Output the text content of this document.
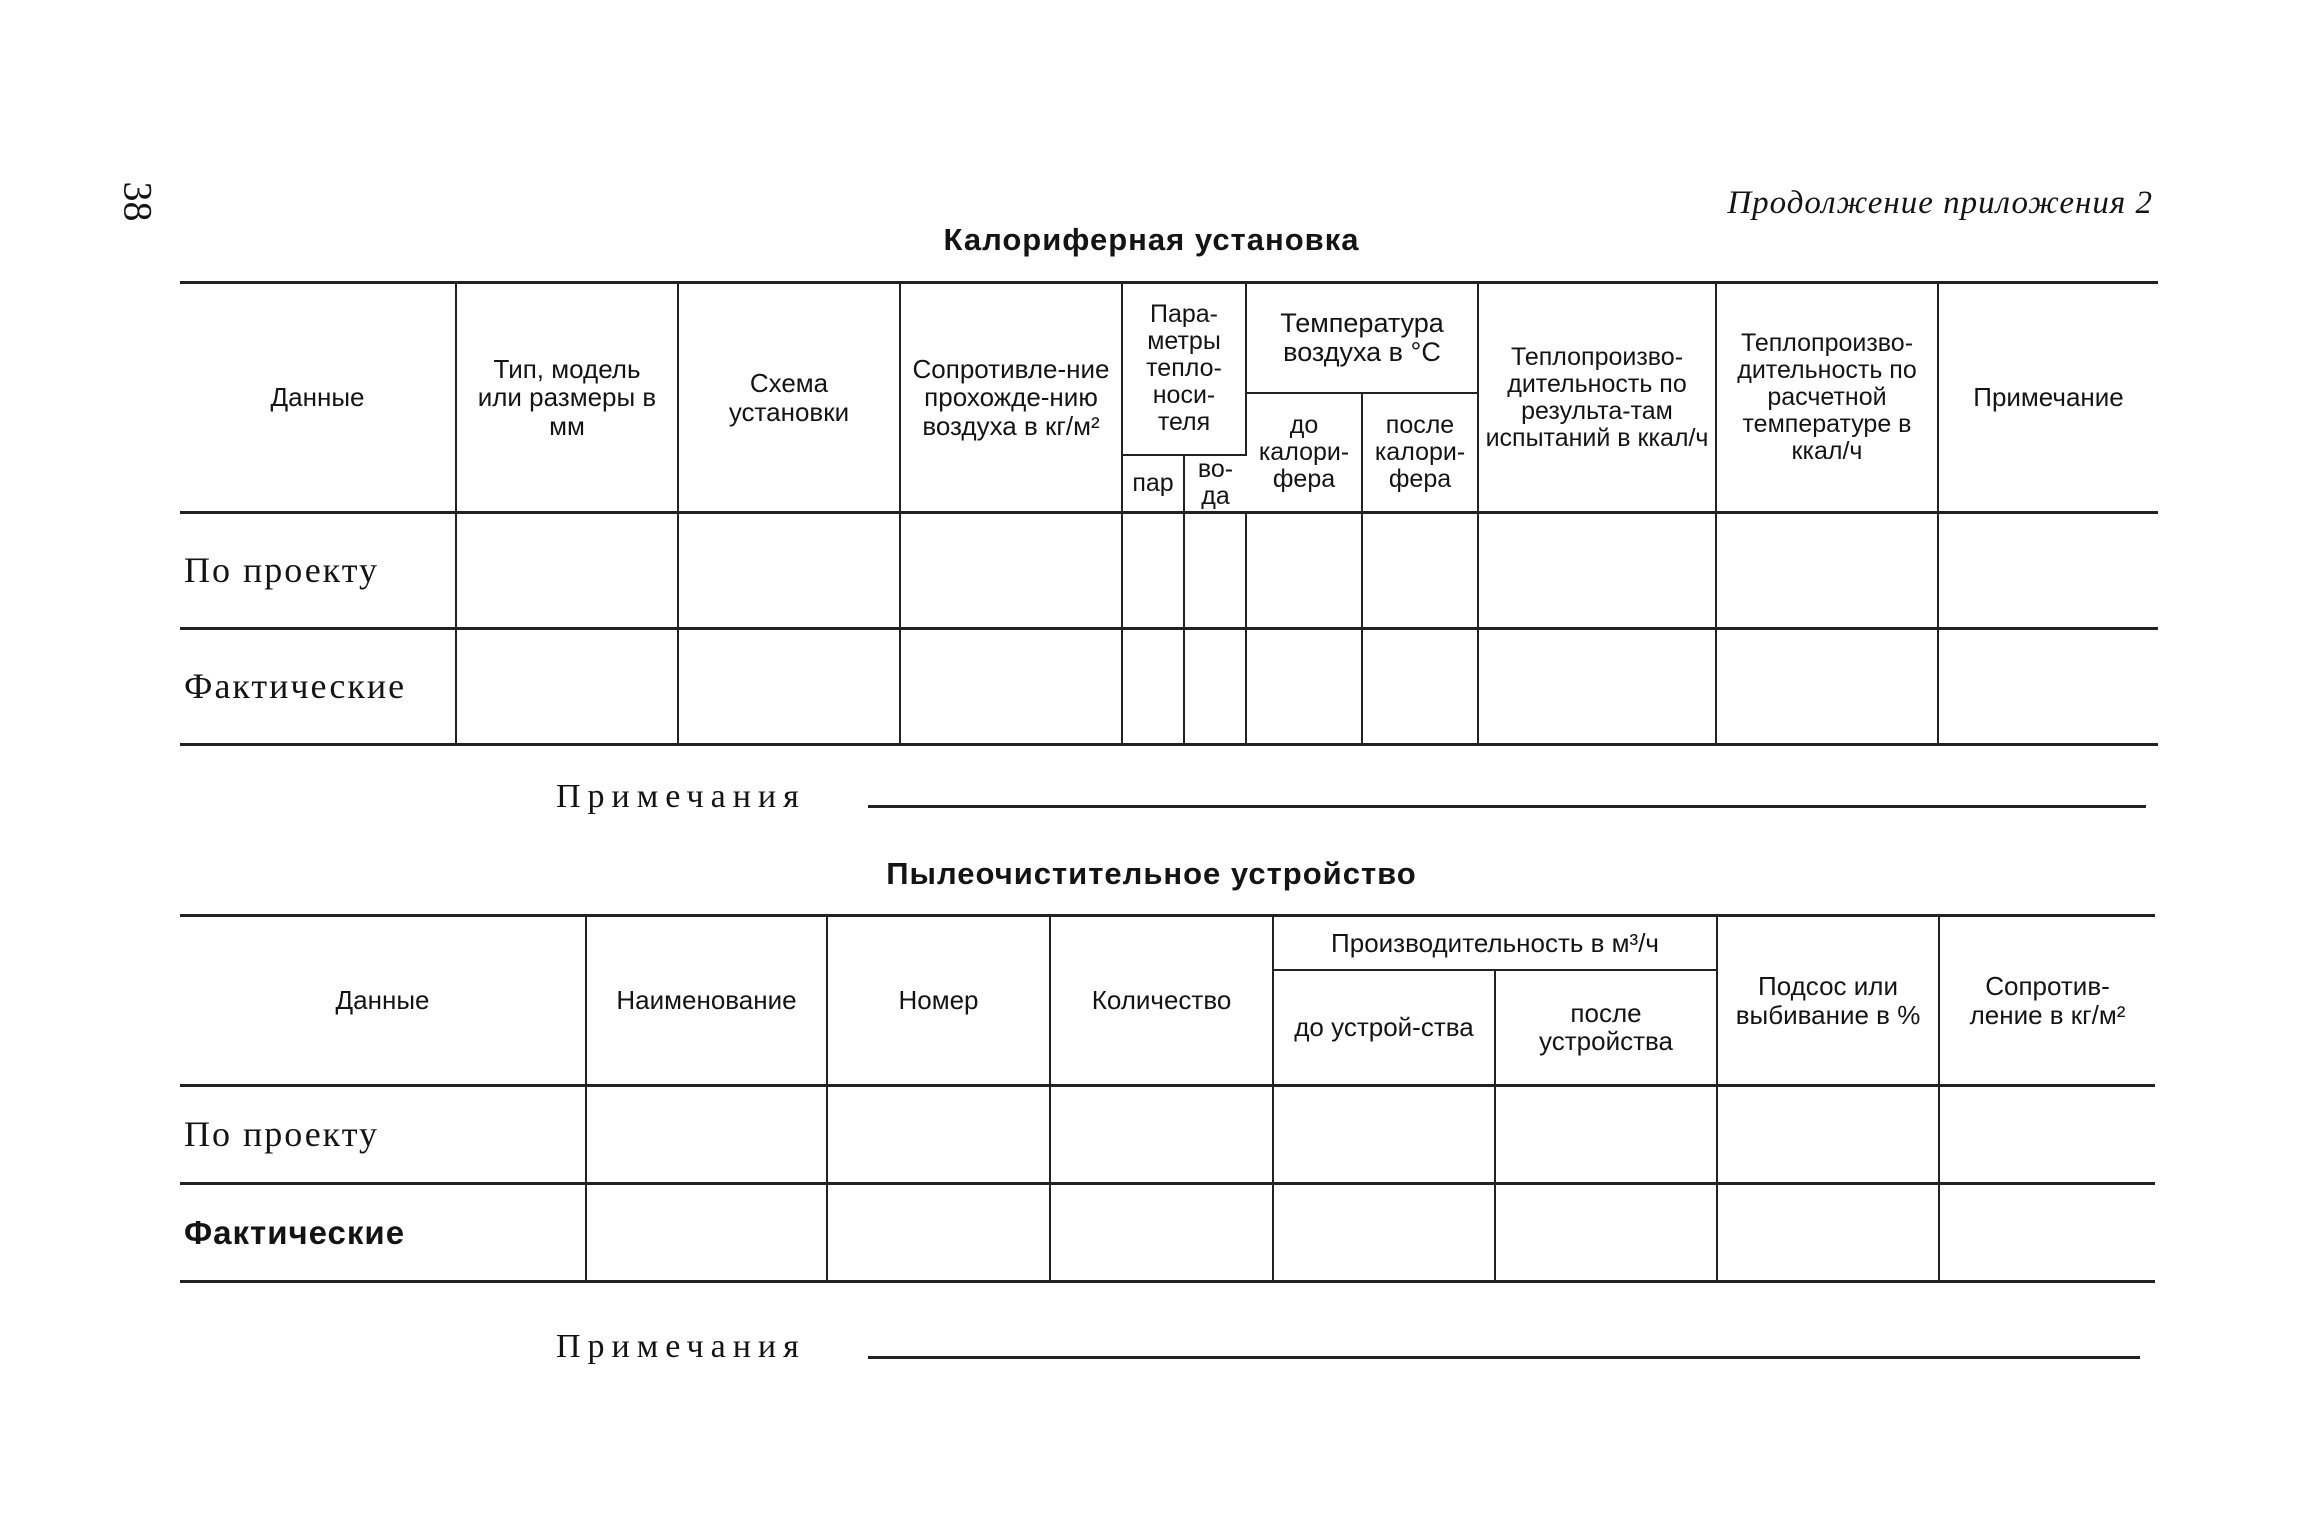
38	Продолжение приложения 2
Калориферная установка
Данные	Тип, модель или размеры в мм	Схема установки	Сопротивле-ние прохожде-нию воздуха в кг/м²	Пара-метры тепло-носи-теля		Температура воздуха в °С		Теплопроизво-дительность по результа-там испытаний в ккал/ч	Теплопроизво-дительность по расчетной температуре в ккал/ч	Примечание
						до калори-фера	после калори-фера			
				пар	во-да					
По проекту										
Фактические										
Примечания
Пылеочистительное устройство
Данные	Наименование	Номер	Количество	Производительность в м³/ч		Подсос или выбивание в %	Сопротив-ление в кг/м²
				до устрой-ства	после устройства		
По проекту							
Фактические							
Примечания
